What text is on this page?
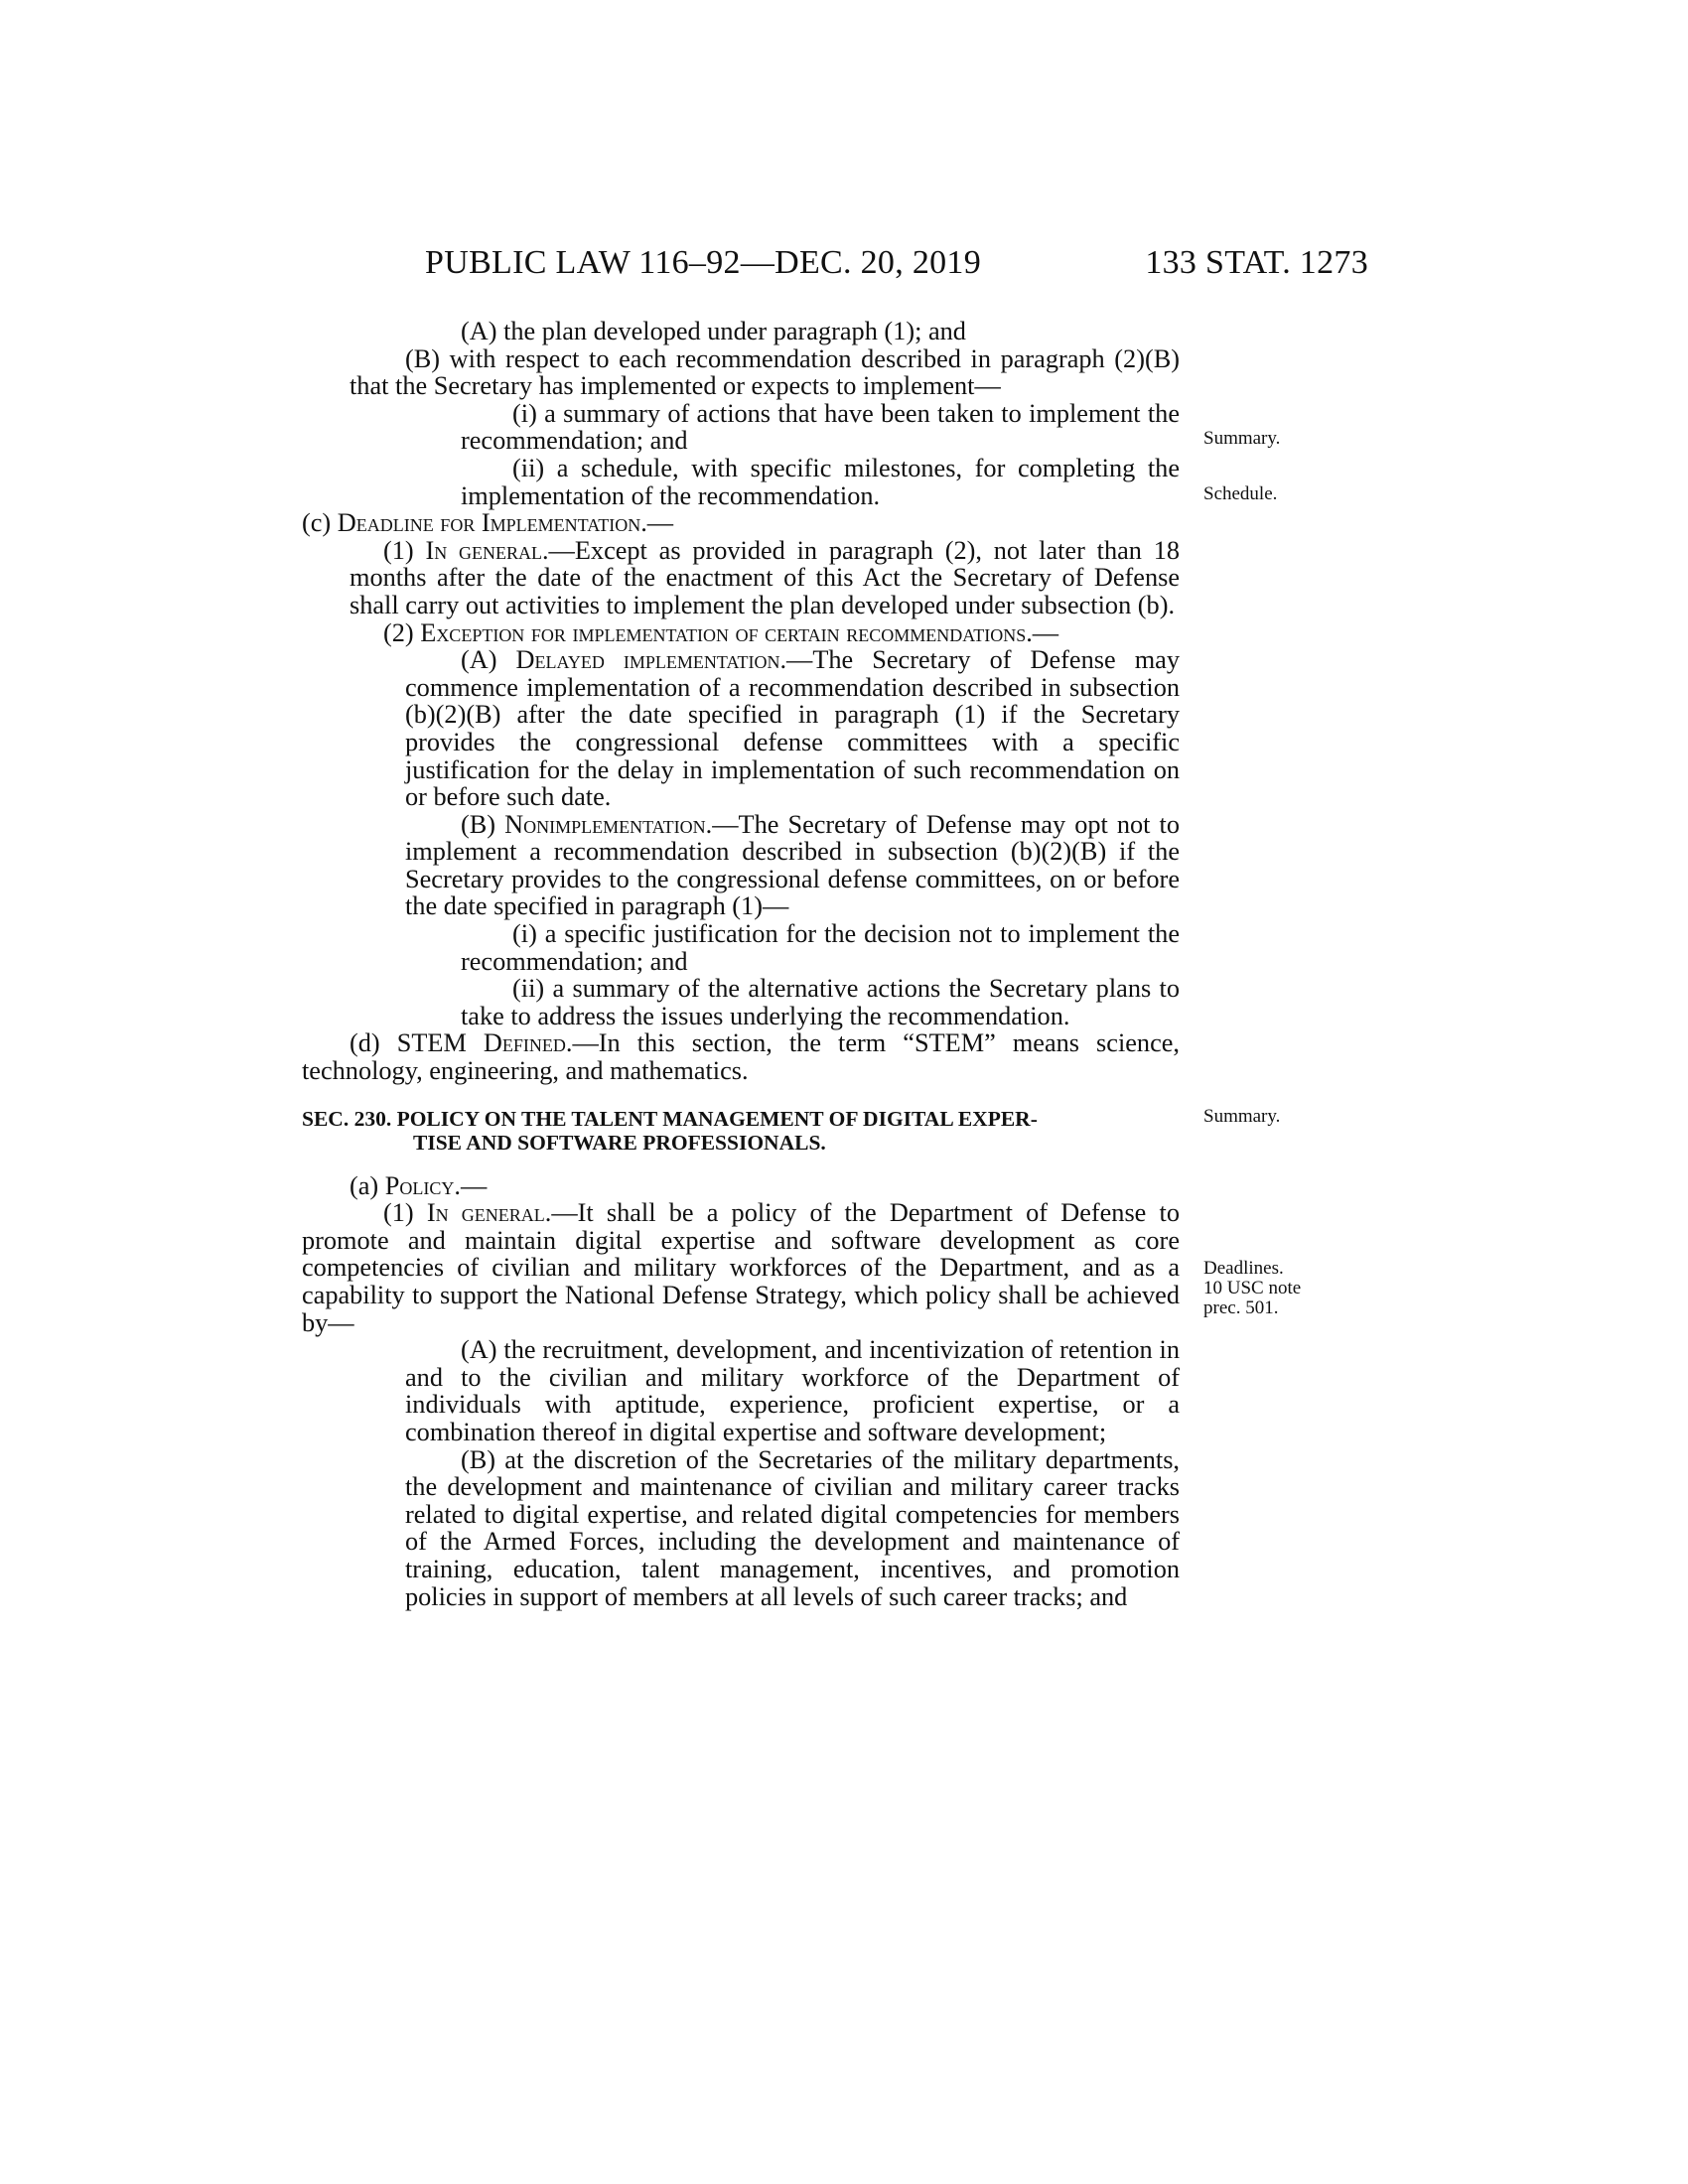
PUBLIC LAW 116–92—DEC. 20, 2019	133 STAT. 1273

(A) the plan developed under paragraph (1); and

(B) with respect to each recommendation described in paragraph (2)(B) that the Secretary has implemented or expects to implement—

(i) a summary of actions that have been taken to implement the recommendation; and

(ii) a schedule, with specific milestones, for completing the implementation of the recommendation.

(c) Deadline for Implementation.—

(1) In general.—Except as provided in paragraph (2), not later than 18 months after the date of the enactment of this Act the Secretary of Defense shall carry out activities to implement the plan developed under subsection (b).

(2) Exception for implementation of certain recommendations.—

(A) Delayed implementation.—The Secretary of Defense may commence implementation of a recommendation described in subsection (b)(2)(B) after the date specified in paragraph (1) if the Secretary provides the congressional defense committees with a specific justification for the delay in implementation of such recommendation on or before such date.

(B) Nonimplementation.—The Secretary of Defense may opt not to implement a recommendation described in subsection (b)(2)(B) if the Secretary provides to the congressional defense committees, on or before the date specified in paragraph (1)—

(i) a specific justification for the decision not to implement the recommendation; and

(ii) a summary of the alternative actions the Secretary plans to take to address the issues underlying the recommendation.

(d) STEM Defined.—In this section, the term “STEM” means science, technology, engineering, and mathematics.

SEC. 230. POLICY ON THE TALENT MANAGEMENT OF DIGITAL EXPER-
TISE AND SOFTWARE PROFESSIONALS.

(a) Policy.—

(1) In general.—It shall be a policy of the Department of Defense to promote and maintain digital expertise and software development as core competencies of civilian and military workforces of the Department, and as a capability to support the National Defense Strategy, which policy shall be achieved by—

(A) the recruitment, development, and incentivization of retention in and to the civilian and military workforce of the Department of individuals with aptitude, experience, proficient expertise, or a combination thereof in digital expertise and software development;

(B) at the discretion of the Secretaries of the military departments, the development and maintenance of civilian and military career tracks related to digital expertise, and related digital competencies for members of the Armed Forces, including the development and maintenance of training, education, talent management, incentives, and promotion policies in support of members at all levels of such career tracks; and

Summary.
Schedule.
Summary.
Deadlines.
10 USC note
prec. 501.
